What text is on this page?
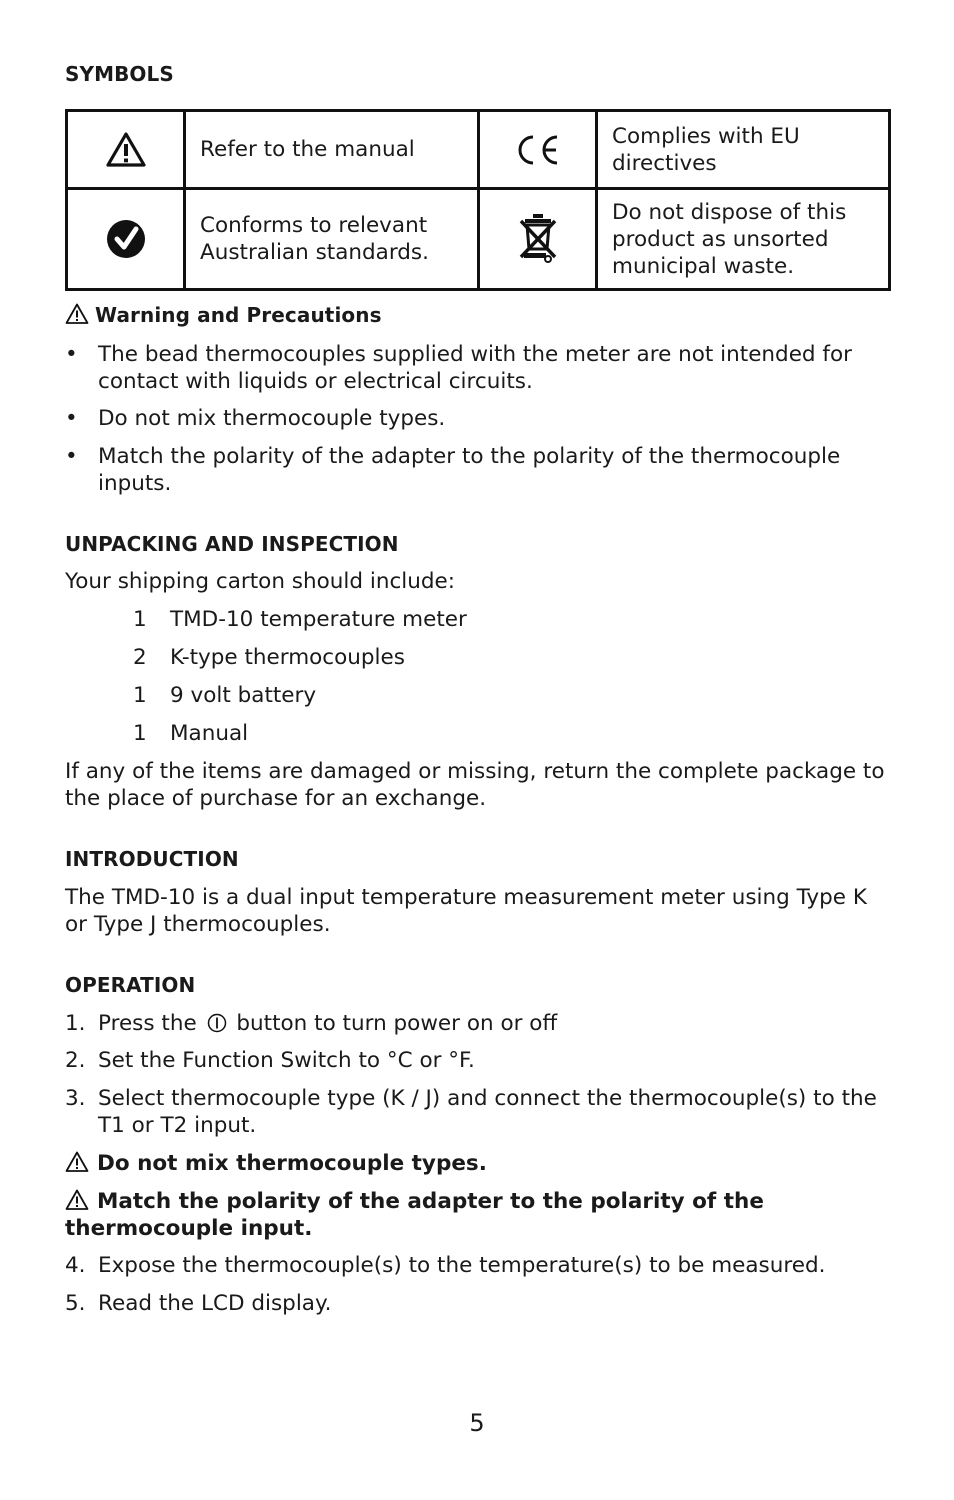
SYMBOLS
Refer to the manual
Complies with EU directives
Conforms to relevant Australian standards.
Do not dispose of this product as unsorted municipal waste.
Warning and Precautions
• The bead thermocouples supplied with the meter are not intended for contact with liquids or electrical circuits.
• Do not mix thermocouple types.
• Match the polarity of the adapter to the polarity of the thermocouple inputs.
UNPACKING AND INSPECTION
Your shipping carton should include:
1 TMD-10 temperature meter
2 K-type thermocouples
1 9 volt battery
1 Manual
If any of the items are damaged or missing, return the complete package to the place of purchase for an exchange.
INTRODUCTION
The TMD-10 is a dual input temperature measurement meter using Type K or Type J thermocouples.
OPERATION
1. Press the button to turn power on or off
2. Set the Function Switch to °C or °F.
3. Select thermocouple type (K / J) and connect the thermocouple(s) to the T1 or T2 input.
Do not mix thermocouple types.
Match the polarity of the adapter to the polarity of the thermocouple input.
4. Expose the thermocouple(s) to the temperature(s) to be measured.
5. Read the LCD display.
5
